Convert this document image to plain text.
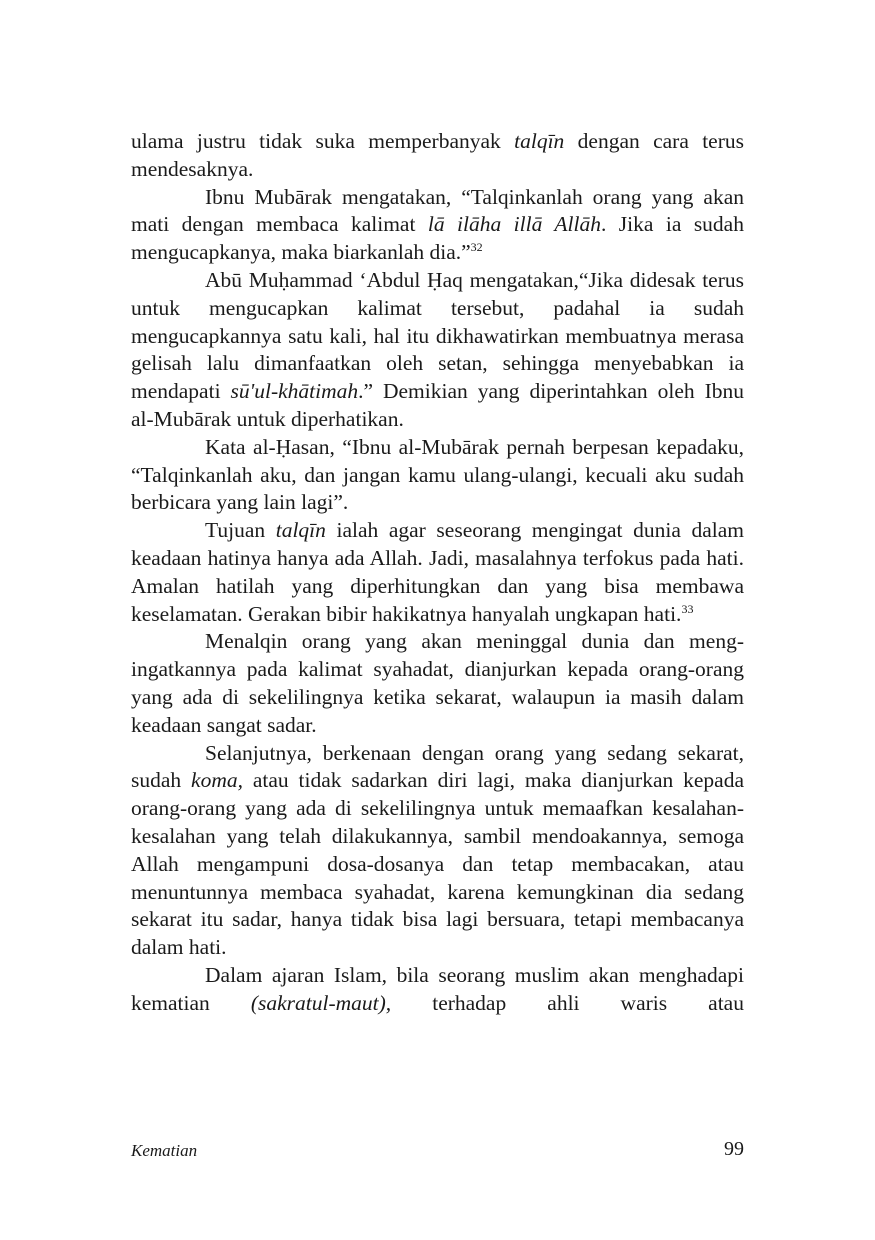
ulama justru tidak suka memperbanyak talqīn dengan cara terus mendesaknya.

Ibnu Mubārak mengatakan, “Talqinkanlah orang yang akan mati dengan membaca kalimat lā ilāha illā Allāh. Jika ia sudah mengucapkanya, maka biarkanlah dia.”$^{32}$

Abū Muḥammad ‘Abdul Ḥaq mengatakan,“Jika didesak terus untuk mengucapkan kalimat tersebut, padahal ia sudah mengucapkannya satu kali, hal itu dikhawatirkan membuatnya merasa gelisah lalu dimanfaatkan oleh setan, sehingga menyebabkan ia mendapati sū'ul-khātimah.” Demikian yang diperintahkan oleh Ibnu al-Mubārak untuk diperhatikan.

Kata al-Ḥasan, “Ibnu al-Mubārak pernah berpesan kepadaku, “Talqinkanlah aku, dan jangan kamu ulang-ulangi, kecuali aku sudah berbicara yang lain lagi”.

Tujuan talqīn ialah agar seseorang mengingat dunia dalam keadaan hatinya hanya ada Allah. Jadi, masalahnya terfokus pada hati. Amalan hatilah yang diperhitungkan dan yang bisa membawa keselamatan. Gerakan bibir hakikatnya hanyalah ungkapan hati.$^{33}$

Menalqin orang yang akan meninggal dunia dan mengingatkannya pada kalimat syahadat, dianjurkan kepada orang-orang yang ada di sekelilingnya ketika sekarat, walaupun ia masih dalam keadaan sangat sadar.

Selanjutnya, berkenaan dengan orang yang sedang sekarat, sudah koma, atau tidak sadarkan diri lagi, maka dianjurkan kepada orang-orang yang ada di sekelilingnya untuk memaafkan kesalahan-kesalahan yang telah dilakukannya, sambil mendoakannya, semoga Allah mengampuni dosa-dosanya dan tetap membacakan, atau menuntunnya membaca syahadat, karena kemungkinan dia sedang sekarat itu sadar, hanya tidak bisa lagi bersuara, tetapi membacanya dalam hati.

Dalam ajaran Islam, bila seorang muslim akan menghadapi kematian (sakratul-maut), terhadap ahli waris atau

Kematian	99
